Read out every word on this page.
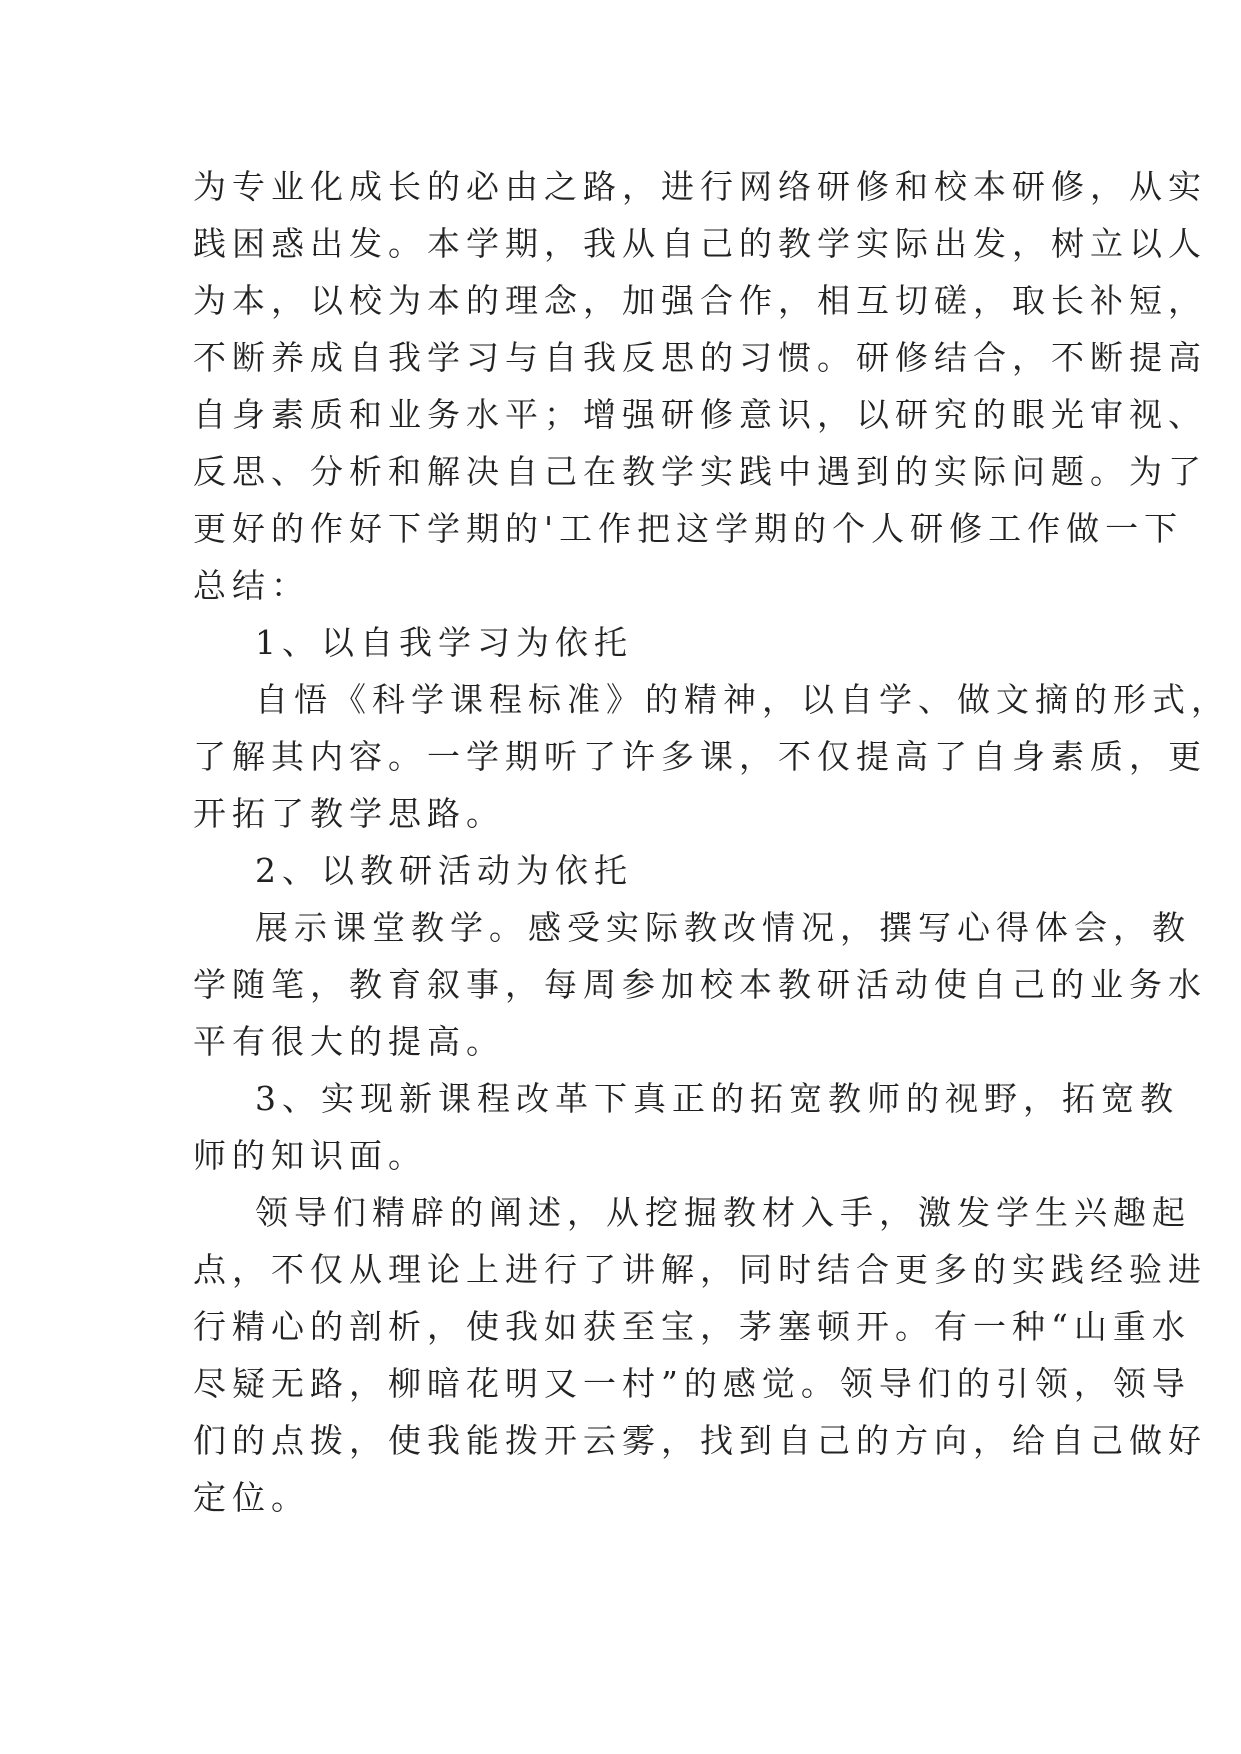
为专业化成长的必由之路，进行网络研修和校本研修，从实
践困惑出发。本学期，我从自己的教学实际出发，树立以人
为本，以校为本的理念，加强合作，相互切磋，取长补短，
不断养成自我学习与自我反思的习惯。研修结合，不断提高
自身素质和业务水平；增强研修意识，以研究的眼光审视、
反思、分析和解决自己在教学实践中遇到的实际问题。为了
更好的作好下学期的'工作把这学期的个人研修工作做一下
总结：
1、以自我学习为依托
自悟《科学课程标准》的精神，以自学、做文摘的形式，
了解其内容。一学期听了许多课，不仅提高了自身素质，更
开拓了教学思路。
2、以教研活动为依托
展示课堂教学。感受实际教改情况，撰写心得体会，教
学随笔，教育叙事，每周参加校本教研活动使自己的业务水
平有很大的提高。
3、实现新课程改革下真正的拓宽教师的视野，拓宽教
师的知识面。
领导们精辟的阐述，从挖掘教材入手，激发学生兴趣起
点，不仅从理论上进行了讲解，同时结合更多的实践经验进
行精心的剖析，使我如获至宝，茅塞顿开。有一种“山重水
尽疑无路，柳暗花明又一村”的感觉。领导们的引领，领导
们的点拨，使我能拨开云雾，找到自己的方向，给自己做好
定位。
